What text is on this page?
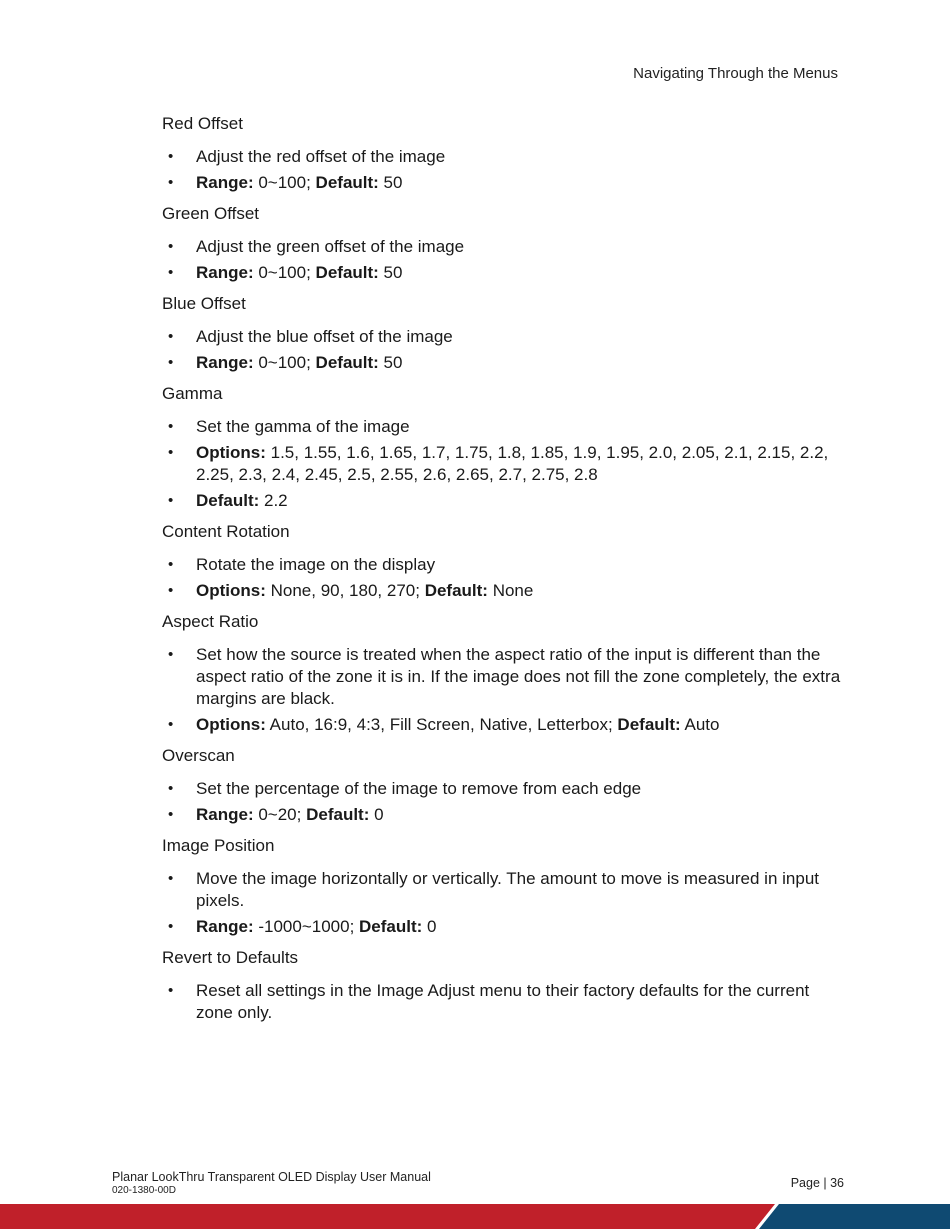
Navigating Through the Menus
Red Offset
• Adjust the red offset of the image
• Range: 0~100; Default: 50
Green Offset
• Adjust the green offset of the image
• Range: 0~100; Default: 50
Blue Offset
• Adjust the blue offset of the image
• Range: 0~100; Default: 50
Gamma
• Set the gamma of the image
• Options: 1.5, 1.55, 1.6, 1.65, 1.7, 1.75, 1.8, 1.85, 1.9, 1.95, 2.0, 2.05, 2.1, 2.15, 2.2, 2.25, 2.3, 2.4, 2.45, 2.5, 2.55, 2.6, 2.65, 2.7, 2.75, 2.8
• Default: 2.2
Content Rotation
• Rotate the image on the display
• Options: None, 90, 180, 270; Default: None
Aspect Ratio
• Set how the source is treated when the aspect ratio of the input is different than the aspect ratio of the zone it is in. If the image does not fill the zone completely, the extra margins are black.
• Options: Auto, 16:9, 4:3, Fill Screen, Native, Letterbox; Default: Auto
Overscan
• Set the percentage of the image to remove from each edge
• Range: 0~20; Default: 0
Image Position
• Move the image horizontally or vertically. The amount to move is measured in input pixels.
• Range: -1000~1000; Default: 0
Revert to Defaults
• Reset all settings in the Image Adjust menu to their factory defaults for the current zone only.
Planar LookThru Transparent OLED Display User Manual
020-1380-00D
Page | 36
